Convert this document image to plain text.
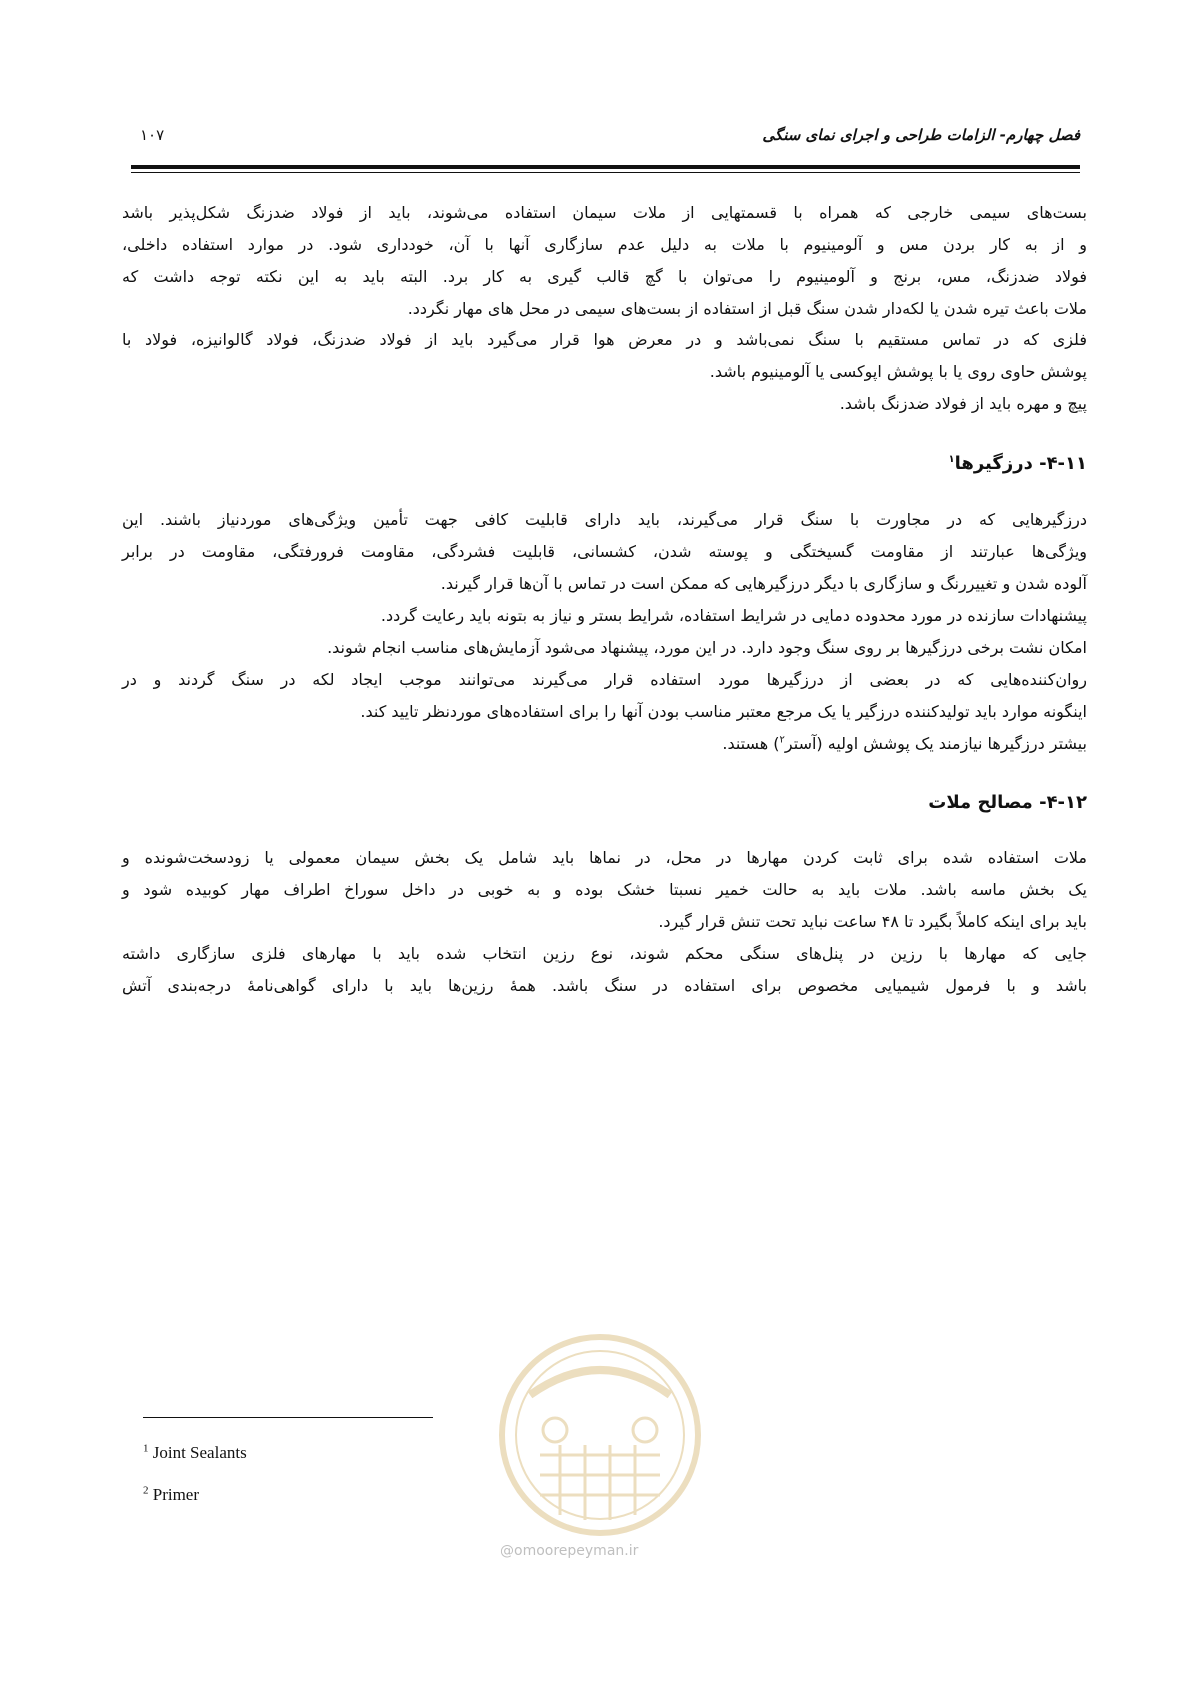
فصل چهارم- الزامات طراحی و اجرای نمای سنگی
۱۰۷
بست‌های سیمی خارجی که همراه با قسمتهایی از ملات سیمان استفاده می‌شوند، باید از فولاد ضدزنگ شکل‌پذیر باشد
و از به کار بردن مس و آلومینیوم با ملات به دلیل عدم سازگاری آنها با آن، خودداری شود. در موارد استفاده داخلی،
فولاد ضدزنگ، مس، برنج و آلومینیوم را می‌توان با گچ قالب گیری به کار برد. البته باید به این نکته توجه داشت که
ملات باعث تیره شدن یا لکه‌دار شدن سنگ قبل از استفاده از بست‌های سیمی در محل های مهار نگردد.
فلزی که در تماس مستقیم با سنگ نمی‌باشد و در معرض هوا قرار می‌گیرد باید از فولاد ضدزنگ، فولاد گالوانیزه، فولاد با
پوشش حاوی روی یا با پوشش اپوکسی یا آلومینیوم باشد.
پیچ و مهره باید از فولاد ضدزنگ باشد.
۴-۱۱- درزگیرها$^۱$
درزگیرهایی که در مجاورت با سنگ قرار می‌گیرند، باید دارای قابلیت کافی جهت تأمین ویژگی‌های موردنیاز باشند. این
ویژگی‌ها عبارتند از مقاومت گسیختگی و پوسته شدن، کشسانی، قابلیت فشردگی، مقاومت فرورفتگی، مقاومت در برابر
آلوده شدن و تغییررنگ و سازگاری با دیگر درزگیرهایی که ممکن است در تماس با آن‌ها قرار گیرند.
پیشنهادات سازنده در مورد محدوده دمایی در شرایط استفاده، شرایط بستر و نیاز به بتونه باید رعایت گردد.
امکان نشت برخی درزگیرها بر روی سنگ وجود دارد. در این مورد، پیشنهاد می‌شود آزمایش‌های مناسب انجام شوند.
روان‌کننده‌هایی که در بعضی از درزگیرها مورد استفاده قرار می‌گیرند می‌توانند موجب ایجاد لکه در سنگ گردند و در
اینگونه موارد باید تولیدکننده درزگیر یا یک مرجع معتبر مناسب بودن آنها را برای استفاده‌های موردنظر تایید کند.
بیشتر درزگیرها نیازمند یک پوشش اولیه (آستر$^۲$) هستند.
۴-۱۲- مصالح ملات
ملات استفاده شده برای ثابت کردن مهارها در محل، در نماها باید شامل یک بخش سیمان معمولی یا زودسخت‌شونده و
یک بخش ماسه باشد. ملات باید به حالت خمیر نسبتا خشک بوده و به خوبی در داخل سوراخ اطراف مهار کوبیده شود و
باید برای اینکه کاملاً بگیرد تا ۴۸ ساعت نباید تحت تنش قرار گیرد.
جایی که مهارها با رزین در پنل‌های سنگی محکم شوند، نوع رزین انتخاب شده باید با مهارهای فلزی سازگاری داشته
باشد و با فرمول شیمیایی مخصوص برای استفاده در سنگ باشد. همهٔ رزین‌ها باید با دارای گواهی‌نامهٔ درجه‌بندی آتش
@omoorepeyman.ir
$^1$ Joint Sealants
$^2$ Primer
